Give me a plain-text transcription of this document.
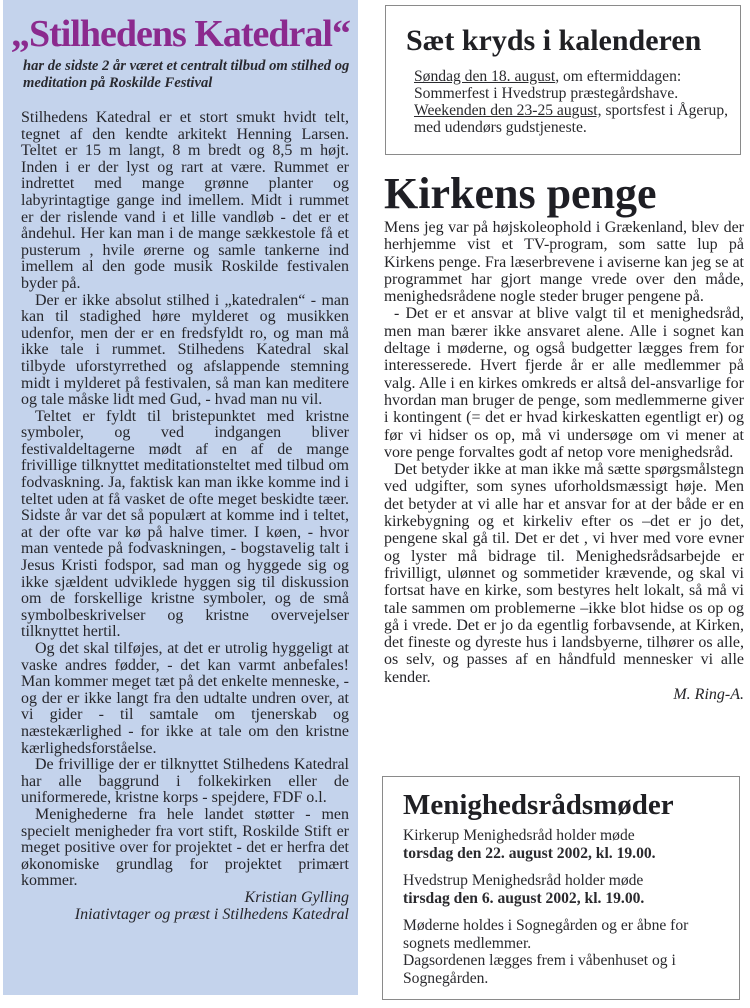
„Stilhedens Katedral“
har de sidste 2 år været et centralt tilbud om stilhed og meditation på Roskilde Festival

Stilhedens Katedral er et stort smukt hvidt telt, tegnet af den kendte arkitekt Henning Larsen. Teltet er 15 m langt, 8 m bredt og 8,5 m højt. Inden i er der lyst og rart at være. Rummet er indrettet med mange grønne planter og labyrintagtige gange ind imellem. Midt i rummet er der rislende vand i et lille vandløb - det er et åndehul. Her kan man i de mange sækkestole få et pusterum , hvile ørerne og samle tankerne ind imellem al den gode musik Roskilde festivalen byder på.

Der er ikke absolut stilhed i „katedralen“ - man kan til stadighed høre mylderet og musikken udenfor, men der er en fredsfyldt ro, og man må ikke tale i rummet. Stilhedens Katedral skal tilbyde uforstyrrethed og afslappende stemning midt i mylderet på festivalen, så man kan meditere og tale måske lidt med Gud, - hvad man nu vil.

Teltet er fyldt til bristepunktet med kristne symboler, og ved indgangen bliver festivaldeltagerne mødt af en af de mange frivillige tilknyttet meditationsteltet med tilbud om fodvaskning. Ja, faktisk kan man ikke komme ind i teltet uden at få vasket de ofte meget beskidte tæer. Sidste år var det så populært at komme ind i teltet, at der ofte var kø på halve timer. I køen, - hvor man ventede på fodvaskningen, - bogstavelig talt i Jesus Kristi fodspor, sad man og hyggede sig og ikke sjældent udviklede hyggen sig til diskussion om de forskellige kristne symboler, og de små symbolbeskrivelser og kristne overvejelser tilknyttet hertil.

Og det skal tilføjes, at det er utrolig hyggeligt at vaske andres fødder, - det kan varmt anbefales! Man kommer meget tæt på det enkelte menneske, - og der er ikke langt fra den udtalte undren over, at vi gider - til samtale om tjenerskab og næstekærlighed - for ikke at tale om den kristne kærlighedsforståelse.

De frivillige der er tilknyttet Stilhedens Katedral har alle baggrund i folkekirken eller de uniformerede, kristne korps - spejdere, FDF o.l.

Menighederne fra hele landet støtter - men specielt menigheder fra vort stift, Roskilde Stift er meget positive over for projektet - det er herfra det økonomiske grundlag for projektet primært kommer.

Kristian Gylling

Iniativtager og præst i Stilhedens Katedral

Sæt kryds i kalenderen
Søndag den 18. august, om eftermiddagen: Sommerfest i Hvedstrup præstegårdshave.
Weekenden den 23-25 august, sportsfest i Ågerup, med udendørs gudstjeneste.
Kirkens penge

Mens jeg var på højskoleophold i Grækenland, blev der herhjemme vist et TV-program, som satte lup på Kirkens penge. Fra læserbrevene i aviserne kan jeg se at programmet har gjort mange vrede over den måde, menighedsrådene nogle steder bruger pengene på.

- Det er et ansvar at blive valgt til et menighedsråd, men man bærer ikke ansvaret alene. Alle i sognet kan deltage i møderne, og også budgetter lægges frem for interesserede. Hvert fjerde år er alle medlemmer på valg. Alle i en kirkes omkreds er altså del-ansvarlige for hvordan man bruger de penge, som medlemmerne giver i kontingent (= det er hvad kirkeskatten egentligt er) og før vi hidser os op, må vi undersøge om vi mener at vore penge forvaltes godt af netop vore menighedsråd.

Det betyder ikke at man ikke må sætte spørgsmålstegn ved udgifter, som synes uforholdsmæssigt høje. Men det betyder at vi alle har et ansvar for at der både er en kirkebygning og et kirkeliv efter os –det er jo det, pengene skal gå til. Det er det , vi hver med vore evner og lyster må bidrage til. Menighedsrådsarbejde er frivilligt, ulønnet og sommetider krævende, og skal vi fortsat have en kirke, som bestyres helt lokalt, så må vi tale sammen om problemerne –ikke blot hidse os op og gå i vrede. Det er jo da egentlig forbavsende, at Kirken, det fineste og dyreste hus i landsbyerne, tilhører os alle, os selv, og passes af en håndfuld mennesker vi alle kender.

M. Ring-A.

Menighedsrådsmøder
Kirkerup Menighedsråd holder møde
torsdag den 22. august 2002, kl. 19.00.
Hvedstrup Menighedsråd holder møde
tirsdag den 6. august 2002, kl. 19.00.
Møderne holdes i Sognegården og er åbne for sognets medlemmer.
Dagsordenen lægges frem i våbenhuset og i Sognegården.
